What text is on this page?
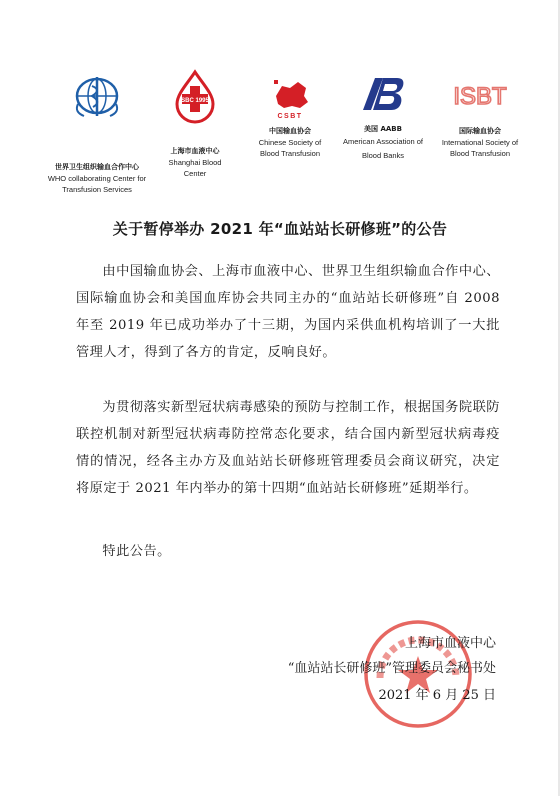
世界卫生组织输血合作中心
WHO collaborating Center for Transfusion Services
SBC 1995
上海市血液中心
Shanghai Blood Center
CSBT
中国输血协会
Chinese Society of Blood Transfusion
美国 AABB
American Association of Blood Banks
ISBT
国际输血协会
International Society of Blood Transfusion
关于暂停举办 2021 年“血站站长研修班”的公告

由中国输血协会、上海市血液中心、世界卫生组织输血合作中心、国际输血协会和美国血库协会共同主办的“血站站长研修班”自 2008 年至 2019 年已成功举办了十三期，为国内采供血机构培训了一大批管理人才，得到了各方的肯定，反响良好。

为贯彻落实新型冠状病毒感染的预防与控制工作，根据国务院联防联控机制对新型冠状病毒防控常态化要求，结合国内新型冠状病毒疫情的情况，经各主办方及血站站长研修班管理委员会商议研究，决定将原定于 2021 年内举办的第十四期“血站站长研修班”延期举行。

特此公告。

上海市血液中心
“血站站长研修班”管理委员会秘书处
2021 年 6 月 25 日
